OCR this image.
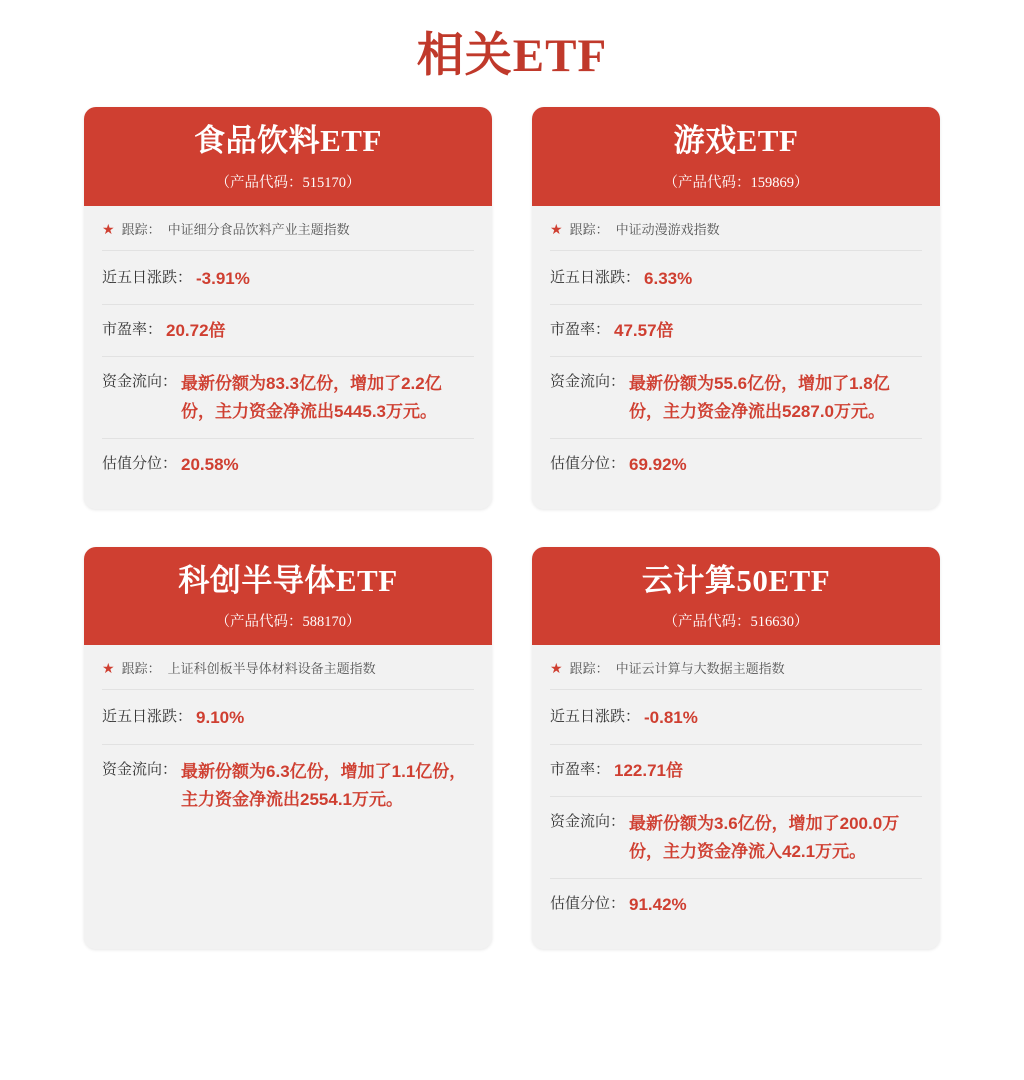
相关ETF
食品饮料ETF
（产品代码：515170）
★ 跟踪： 中证细分食品饮料产业主题指数
近五日涨跌： -3.91%
市盈率： 20.72倍
资金流向： 最新份额为83.3亿份，增加了2.2亿份，主力资金净流出5445.3万元。
估值分位： 20.58%
游戏ETF
（产品代码：159869）
★ 跟踪： 中证动漫游戏指数
近五日涨跌： 6.33%
市盈率： 47.57倍
资金流向： 最新份额为55.6亿份，增加了1.8亿份，主力资金净流出5287.0万元。
估值分位： 69.92%
科创半导体ETF
（产品代码：588170）
★ 跟踪： 上证科创板半导体材料设备主题指数
近五日涨跌： 9.10%
资金流向： 最新份额为6.3亿份，增加了1.1亿份，主力资金净流出2554.1万元。
云计算50ETF
（产品代码：516630）
★ 跟踪： 中证云计算与大数据主题指数
近五日涨跌： -0.81%
市盈率： 122.71倍
资金流向： 最新份额为3.6亿份，增加了200.0万份，主力资金净流入42.1万元。
估值分位： 91.42%
